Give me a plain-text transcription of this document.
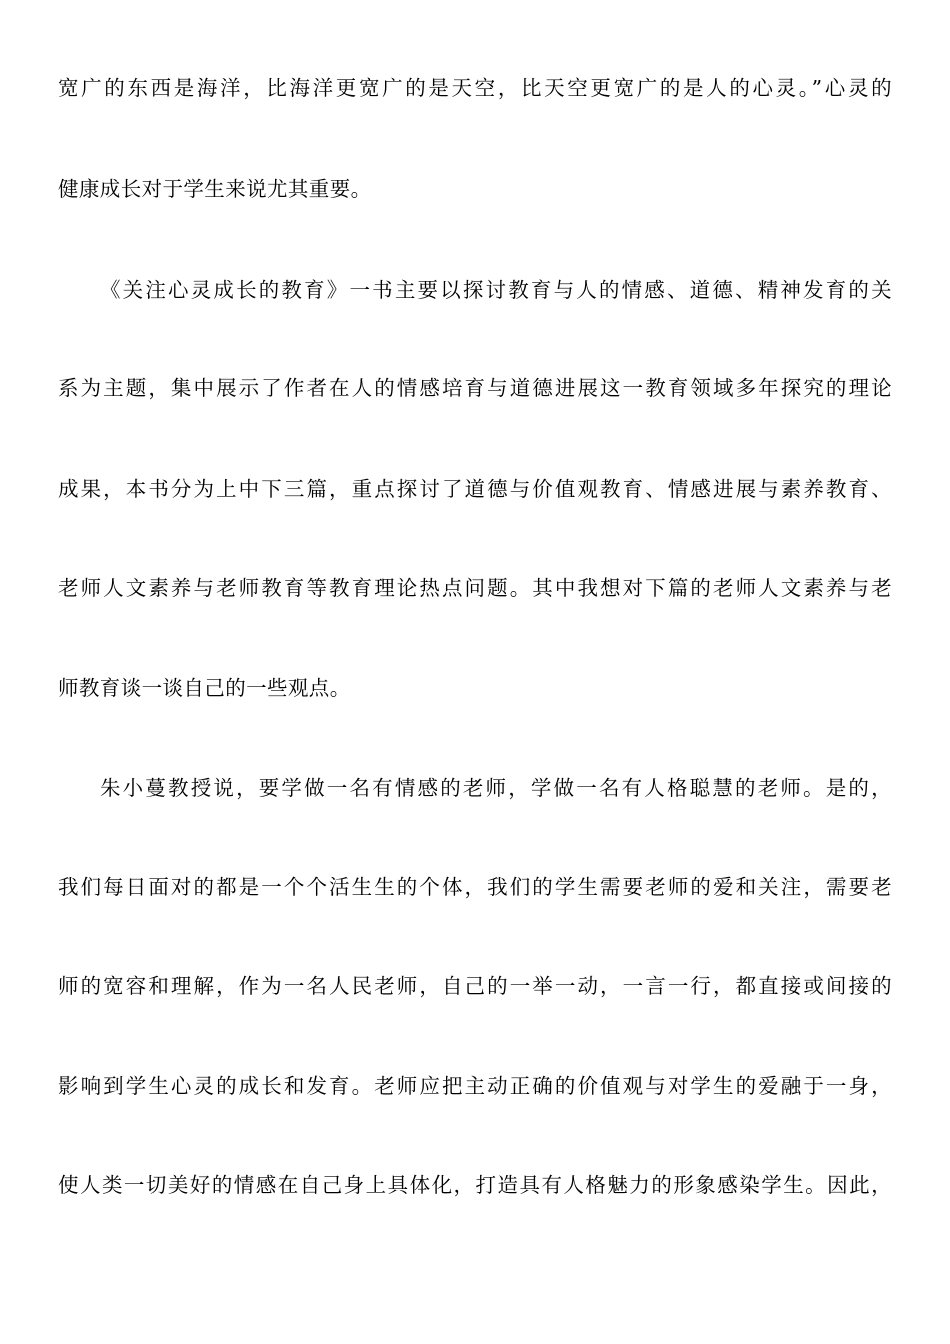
宽广的东西是海洋，比海洋更宽广的是天空，比天空更宽广的是人的心灵。”心灵的
健康成长对于学生来说尤其重要。
《关注心灵成长的教育》一书主要以探讨教育与人的情感、道德、精神发育的关
系为主题，集中展示了作者在人的情感培育与道德进展这一教育领域多年探究的理论
成果，本书分为上中下三篇，重点探讨了道德与价值观教育、情感进展与素养教育、
老师人文素养与老师教育等教育理论热点问题。其中我想对下篇的老师人文素养与老
师教育谈一谈自己的一些观点。
朱小蔓教授说，要学做一名有情感的老师，学做一名有人格聪慧的老师。是的，
我们每日面对的都是一个个活生生的个体，我们的学生需要老师的爱和关注，需要老
师的宽容和理解，作为一名人民老师，自己的一举一动，一言一行，都直接或间接的
影响到学生心灵的成长和发育。老师应把主动正确的价值观与对学生的爱融于一身，
使人类一切美好的情感在自己身上具体化，打造具有人格魅力的形象感染学生。因此，
